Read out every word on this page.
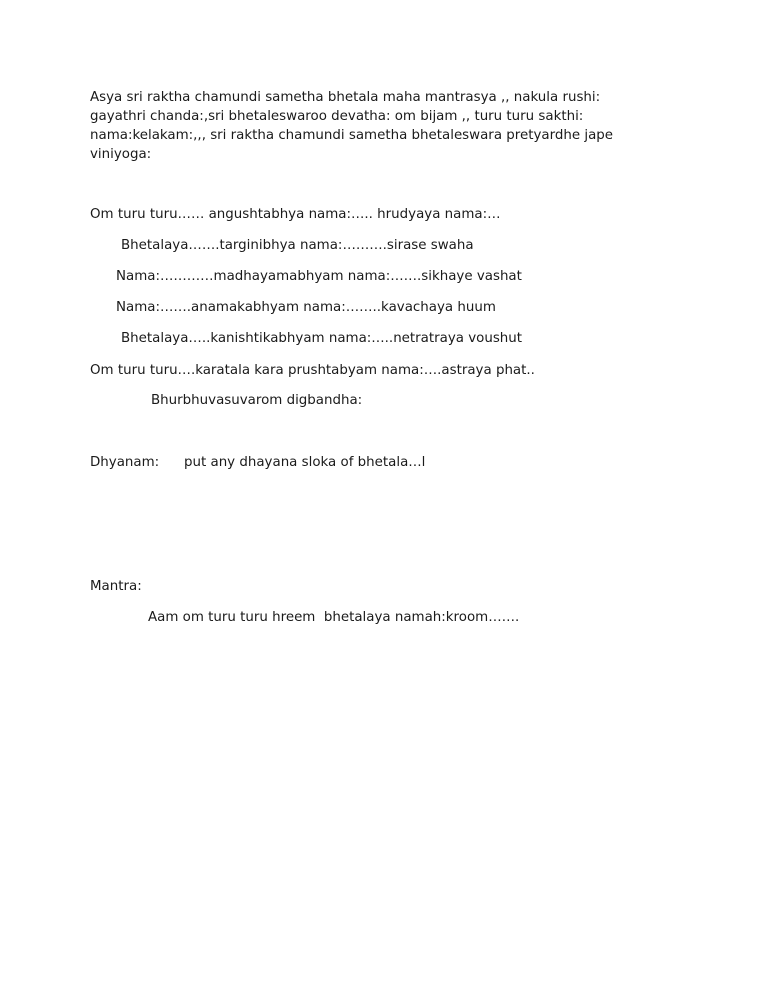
Asya sri raktha chamundi sametha bhetala maha mantrasya ,, nakula rushi:
gayathri chanda:,sri bhetaleswaroo devatha: om bijam ,, turu turu sakthi:
nama:kelakam:,,, sri raktha chamundi sametha bhetaleswara pretyardhe jape
viniyoga:
Om turu turu…… angushtabhya nama:….. hrudyaya nama:…
Bhetalaya…….targinibhya nama:……….sirase swaha
Nama:…………madhayamabhyam nama:…….sikhaye vashat
Nama:…….anamakabhyam nama:……..kavachaya huum
Bhetalaya…..kanishtikabhyam nama:…..netratraya voushut
Om turu turu….karatala kara prushtabyam nama:….astraya phat..
Bhurbhuvasuvarom digbandha:
Dhyanam: put any dhayana sloka of bhetala…l
Mantra:
Aam om turu turu hreem  bhetalaya namah:kroom…….
